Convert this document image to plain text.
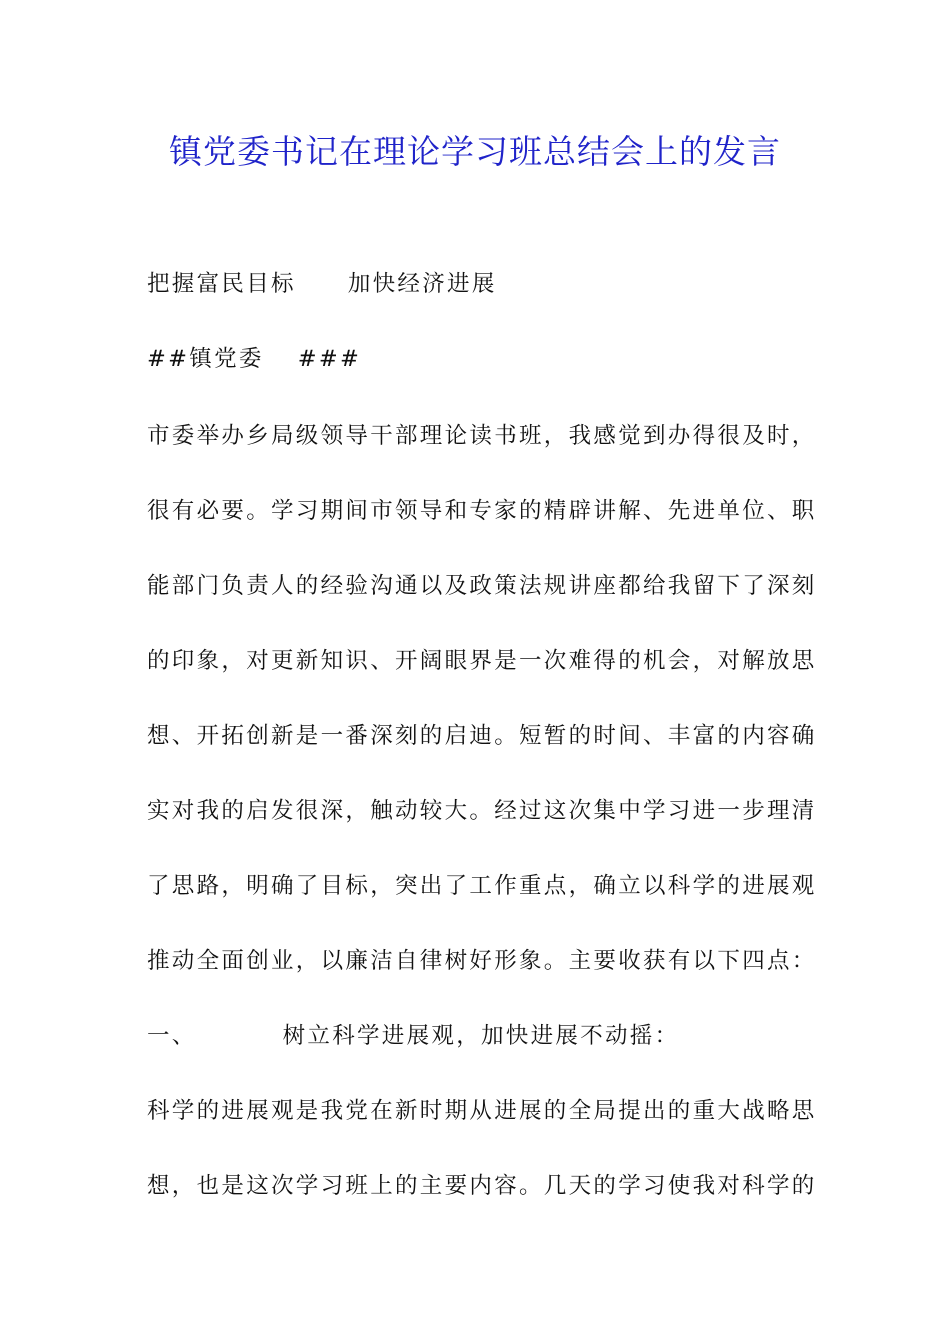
镇党委书记在理论学习班总结会上的发言
把握富民目标 加快经济进展
##镇党委 ###
市委举办乡局级领导干部理论读书班，我感觉到办得很及时，
很有必要。学习期间市领导和专家的精辟讲解、先进单位、职
能部门负责人的经验沟通以及政策法规讲座都给我留下了深刻
的印象，对更新知识、开阔眼界是一次难得的机会，对解放思
想、开拓创新是一番深刻的启迪。短暂的时间、丰富的内容确
实对我的启发很深，触动较大。经过这次集中学习进一步理清
了思路，明确了目标，突出了工作重点，确立以科学的进展观
推动全面创业，以廉洁自律树好形象。主要收获有以下四点：
一、	树立科学进展观，加快进展不动摇：
科学的进展观是我党在新时期从进展的全局提出的重大战略思
想，也是这次学习班上的主要内容。几天的学习使我对科学的
